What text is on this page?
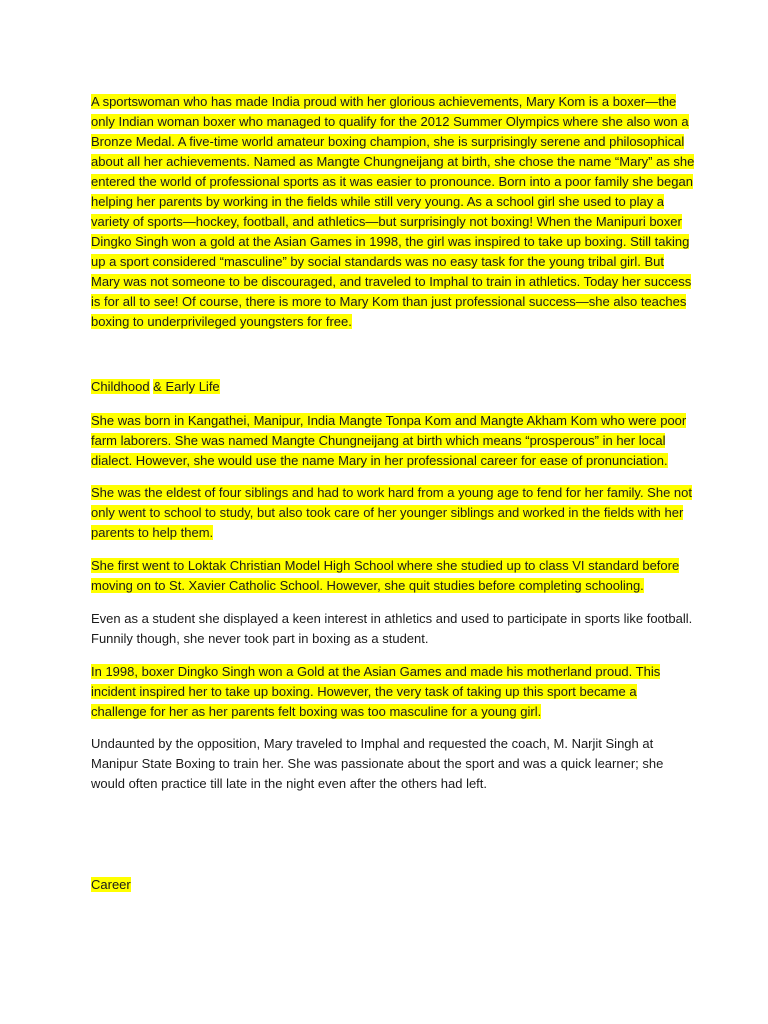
A sportswoman who has made India proud with her glorious achievements, Mary Kom is a boxer—the
only Indian woman boxer who managed to qualify for the 2012 Summer Olympics where she also won a
Bronze Medal. A five-time world amateur boxing champion, she is surprisingly serene and philosophical
about all her achievements. Named as Mangte Chungneijang at birth, she chose the name “Mary” as she
entered the world of professional sports as it was easier to pronounce. Born into a poor family she began
helping her parents by working in the fields while still very young. As a school girl she used to play a
variety of sports—hockey, football, and athletics—but surprisingly not boxing! When the Manipuri boxer
Dingko Singh won a gold at the Asian Games in 1998, the girl was inspired to take up boxing. Still taking
up a sport considered “masculine” by social standards was no easy task for the young tribal girl. But
Mary was not someone to be discouraged, and traveled to Imphal to train in athletics. Today her success
is for all to see! Of course, there is more to Mary Kom than just professional success—she also teaches
boxing to underprivileged youngsters for free.
Childhood & Early Life
She was born in Kangathei, Manipur, India Mangte Tonpa Kom and Mangte Akham Kom who were poor
farm laborers. She was named Mangte Chungneijang at birth which means “prosperous” in her local
dialect. However, she would use the name Mary in her professional career for ease of pronunciation.
She was the eldest of four siblings and had to work hard from a young age to fend for her family. She not
only went to school to study, but also took care of her younger siblings and worked in the fields with her
parents to help them.
She first went to Loktak Christian Model High School where she studied up to class VI standard before
moving on to St. Xavier Catholic School. However, she quit studies before completing schooling.
Even as a student she displayed a keen interest in athletics and used to participate in sports like football.
Funnily though, she never took part in boxing as a student.
In 1998, boxer Dingko Singh won a Gold at the Asian Games and made his motherland proud. This
incident inspired her to take up boxing. However, the very task of taking up this sport became a
challenge for her as her parents felt boxing was too masculine for a young girl.
Undaunted by the opposition, Mary traveled to Imphal and requested the coach, M. Narjit Singh at
Manipur State Boxing to train her. She was passionate about the sport and was a quick learner; she
would often practice till late in the night even after the others had left.
Career
